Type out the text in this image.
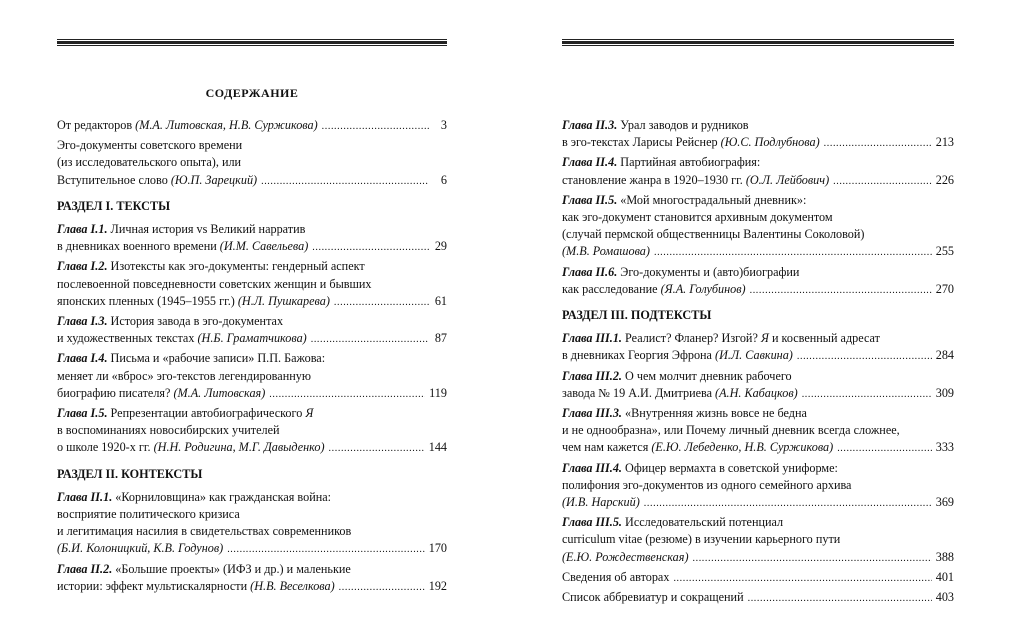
СОДЕРЖАНИЕ
От редакторов (М.А. Литовская, Н.В. Суржикова) .....	3
Эго-документы советского времени
(из исследовательского опыта), или
Вступительное слово (Ю.П. Зарецкий) .....	6
РАЗДЕЛ I. ТЕКСТЫ
Глава I.1. Личная история vs Великий нарратив
в дневниках военного времени (И.М. Савельева) .....	29
Глава I.2. Изотексты как эго-документы: гендерный аспект
послевоенной повседневности советских женщин и бывших
японских пленных (1945–1955 гг.) (Н.Л. Пушкарева) .....	61
Глава I.3. История завода в эго-документах
и художественных текстах (Н.Б. Граматчикова) .....	87
Глава I.4. Письма и «рабочие записи» П.П. Бажова:
меняет ли «вброс» эго-текстов легендированную
биографию писателя? (М.А. Литовская) .....	119
Глава I.5. Репрезентации автобиографического Я
в воспоминаниях новосибирских учителей
о школе 1920-х гг. (Н.Н. Родигина, М.Г. Давыденко) .....	144
РАЗДЕЛ II. КОНТЕКСТЫ
Глава II.1. «Корниловщина» как гражданская война:
восприятие политического кризиса
и легитимация насилия в свидетельствах современников
(Б.И. Колоницкий, К.В. Годунов) .....	170
Глава II.2. «Большие проекты» (ИФЗ и др.) и маленькие
истории: эффект мультискалярности (Н.В. Веселкова) .....	192
Глава II.3. Урал заводов и рудников
в эго-текстах Ларисы Рейснер (Ю.С. Подлубнова) .....	213
Глава II.4. Партийная автобиография:
становление жанра в 1920–1930 гг. (О.Л. Лейбович) .....	226
Глава II.5. «Мой многострадальный дневник»:
как эго-документ становится архивным документом
(случай пермской общественницы Валентины Соколовой)
(М.В. Ромашова) .....	255
Глава II.6. Эго-документы и (авто)биографии
как расследование (Я.А. Голубинов) .....	270
РАЗДЕЛ III. ПОДТЕКСТЫ
Глава III.1. Реалист? Фланер? Изгой? Я и косвенный адресат
в дневниках Георгия Эфрона (И.Л. Савкина) .....	284
Глава III.2. О чем молчит дневник рабочего
завода № 19 А.И. Дмитриева (А.Н. Кабацков) .....	309
Глава III.3. «Внутренняя жизнь вовсе не бедна
и не однообразна», или Почему личный дневник всегда сложнее,
чем нам кажется (Е.Ю. Лебеденко, Н.В. Суржикова) .....	333
Глава III.4. Офицер вермахта в советской униформе:
полифония эго-документов из одного семейного архива
(И.В. Нарский) .....	369
Глава III.5. Исследовательский потенциал
curriculum vitae (резюме) в изучении карьерного пути
(Е.Ю. Рождественская) .....	388
Сведения об авторах .....	401
Список аббревиатур и сокращений .....	403
